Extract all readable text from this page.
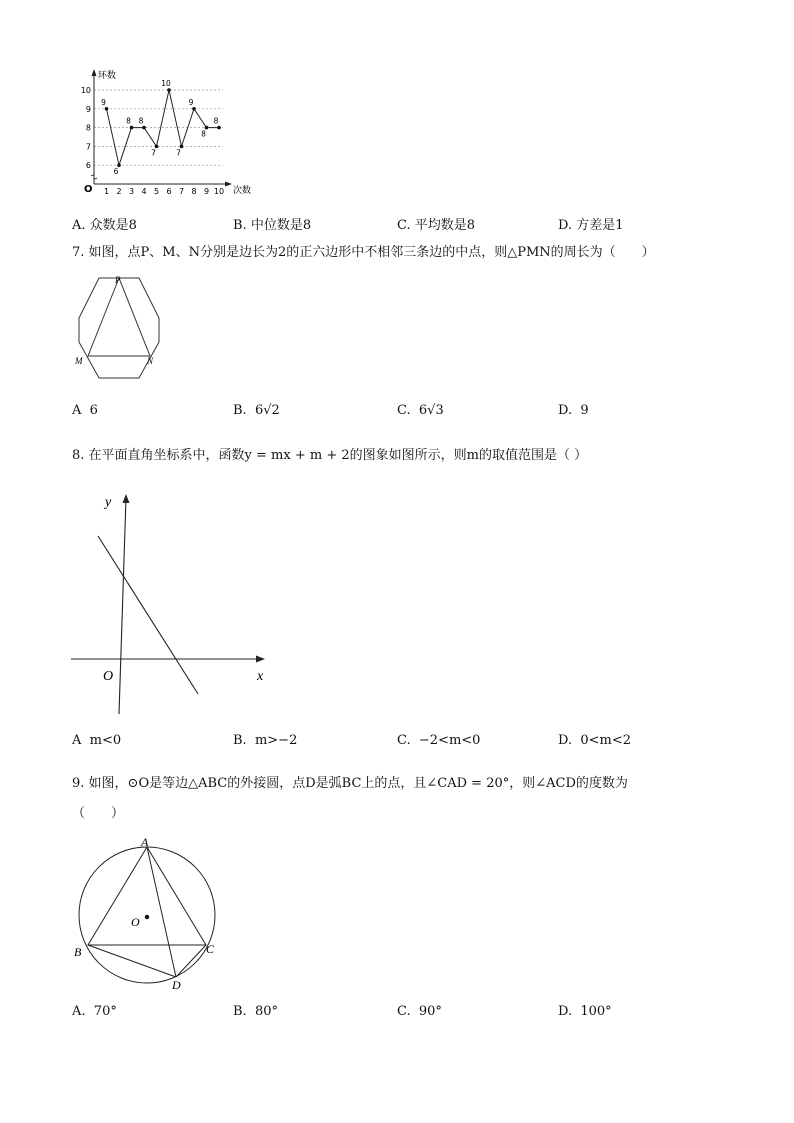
环数
次数
O
6
7
8
9
10
1 2 3 4 5 6 7 8 9 10
9
6
8 8
7
10
7
9
8
8
A. 众数是8	B. 中位数是8	C. 平均数是8	D. 方差是1
7. 如图，点P、M、N分别是边长为2的正六边形中不相邻三条边的中点，则△PMN的周长为（　　）
P
M	N
A 6	B. 6√2	C. 6√3	D. 9
8. 在平面直角坐标系中，函数y = mx + m + 2的图象如图所示，则m的取值范围是（ ）
y
x
O
A m<0	B. m>−2	C. −2<m<0	D. 0<m<2
9. 如图，⊙O是等边△ABC的外接圆，点D是弧BC上的点，且∠CAD = 20°，则∠ACD的度数为
（　　）
A
B	C
D
O
A. 70°	B. 80°	C. 90°	D. 100°
